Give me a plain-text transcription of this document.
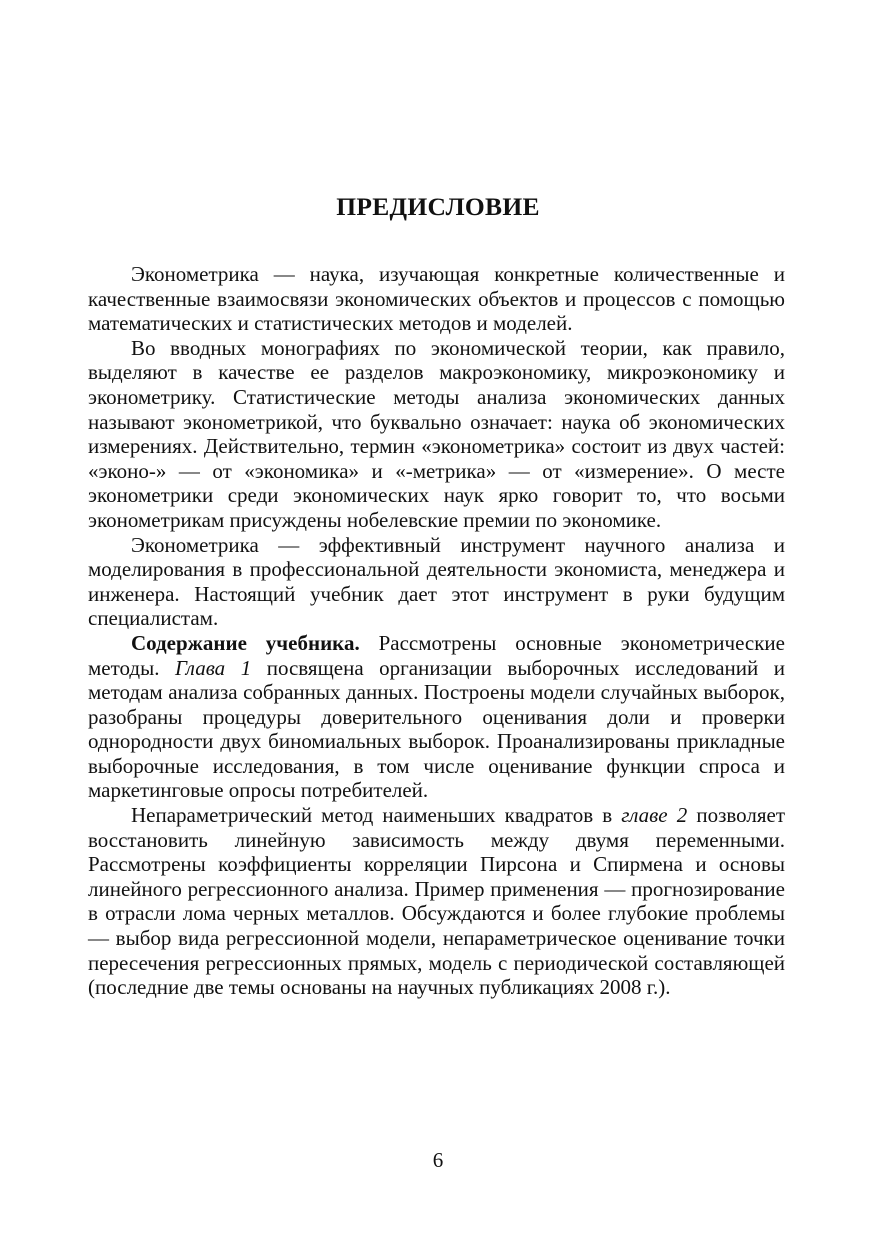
ПРЕДИСЛОВИЕ

Эконометрика — наука, изучающая конкретные количественные и качественные взаимосвязи экономических объектов и процессов с помощью математических и статистических методов и моделей.

Во вводных монографиях по экономической теории, как правило, выделяют в качестве ее разделов макроэкономику, микроэкономику и эконометрику. Статистические методы анализа экономических данных называют эконометрикой, что буквально означает: наука об экономических измерениях. Действительно, термин «эконометрика» состоит из двух частей: «эконо-» — от «экономика» и «-метрика» — от «измерение». О месте эконометрики среди экономических наук ярко говорит то, что восьми эконометрикам присуждены нобелевские премии по экономике.

Эконометрика — эффективный инструмент научного анализа и моделирования в профессиональной деятельности экономиста, менеджера и инженера. Настоящий учебник дает этот инструмент в руки будущим специалистам.

Содержание учебника. Рассмотрены основные эконометрические методы. Глава 1 посвящена организации выборочных исследований и методам анализа собранных данных. Построены модели случайных выборок, разобраны процедуры доверительного оценивания доли и проверки однородности двух биномиальных выборок. Проанализированы прикладные выборочные исследования, в том числе оценивание функции спроса и маркетинговые опросы потребителей.

Непараметрический метод наименьших квадратов в главе 2 позволяет восстановить линейную зависимость между двумя переменными. Рассмотрены коэффициенты корреляции Пирсона и Спирмена и основы линейного регрессионного анализа. Пример применения — прогнозирование в отрасли лома черных металлов. Обсуждаются и более глубокие проблемы — выбор вида регрессионной модели, непараметрическое оценивание точки пересечения регрессионных прямых, модель с периодической составляющей (последние две темы основаны на научных публикациях 2008 г.).

6
